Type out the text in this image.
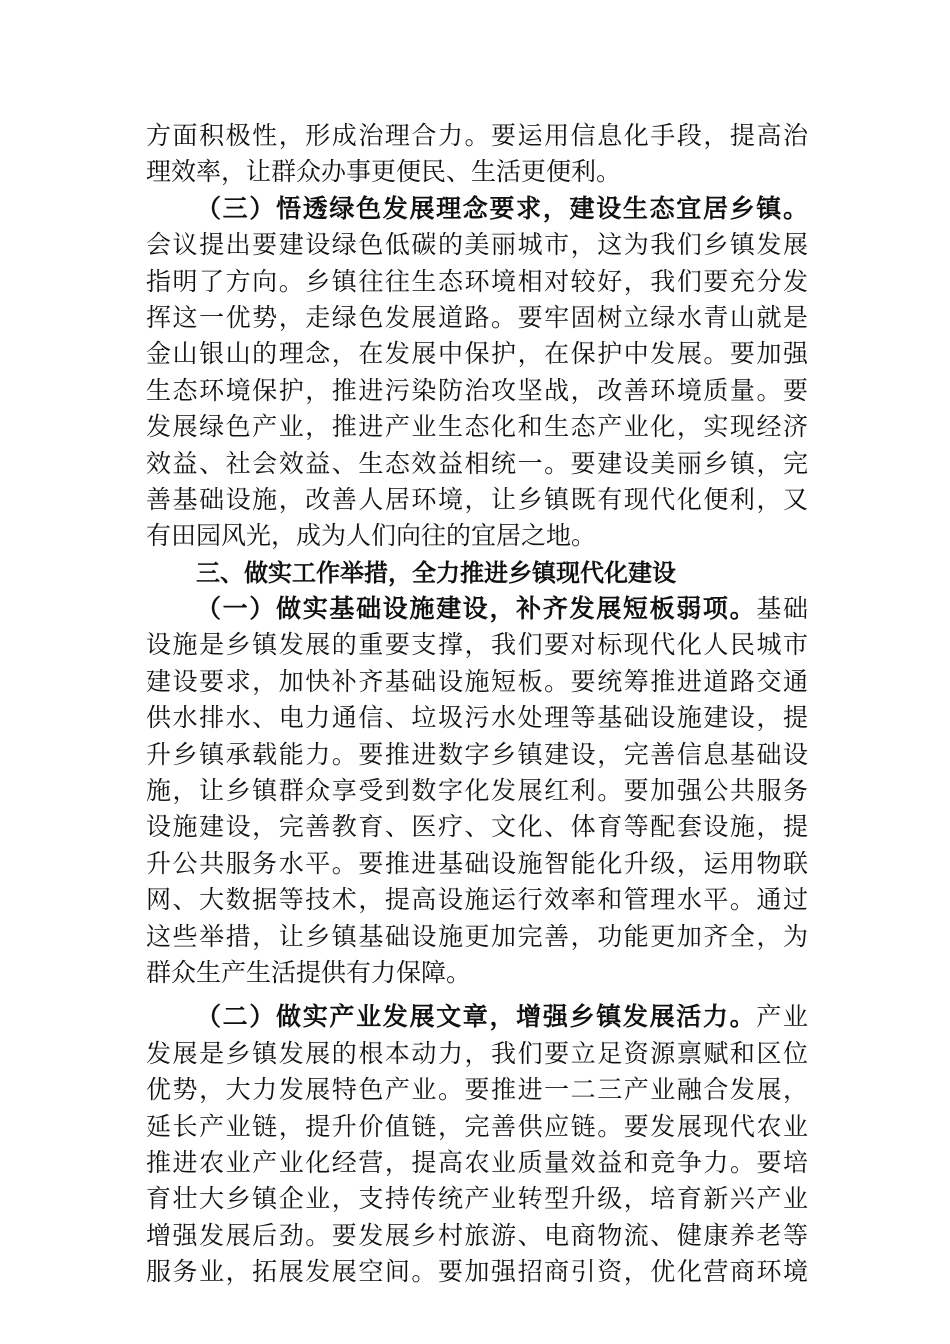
方面积极性，形成治理合力。要运用信息化手段，提高治
理效率，让群众办事更便民、生活更便利。
（三）悟透绿色发展理念要求，建设生态宜居乡镇。
会议提出要建设绿色低碳的美丽城市，这为我们乡镇发展
指明了方向。乡镇往往生态环境相对较好，我们要充分发
挥这一优势，走绿色发展道路。要牢固树立绿水青山就是
金山银山的理念，在发展中保护，在保护中发展。要加强
生态环境保护，推进污染防治攻坚战，改善环境质量。要
发展绿色产业，推进产业生态化和生态产业化，实现经济
效益、社会效益、生态效益相统一。要建设美丽乡镇，完
善基础设施，改善人居环境，让乡镇既有现代化便利，又
有田园风光，成为人们向往的宜居之地。
三、做实工作举措，全力推进乡镇现代化建设
（一）做实基础设施建设，补齐发展短板弱项。基础
设施是乡镇发展的重要支撑，我们要对标现代化人民城市
建设要求，加快补齐基础设施短板。要统筹推进道路交通
供水排水、电力通信、垃圾污水处理等基础设施建设，提
升乡镇承载能力。要推进数字乡镇建设，完善信息基础设
施，让乡镇群众享受到数字化发展红利。要加强公共服务
设施建设，完善教育、医疗、文化、体育等配套设施，提
升公共服务水平。要推进基础设施智能化升级，运用物联
网、大数据等技术，提高设施运行效率和管理水平。通过
这些举措，让乡镇基础设施更加完善，功能更加齐全，为
群众生产生活提供有力保障。
（二）做实产业发展文章，增强乡镇发展活力。产业
发展是乡镇发展的根本动力，我们要立足资源禀赋和区位
优势，大力发展特色产业。要推进一二三产业融合发展，
延长产业链，提升价值链，完善供应链。要发展现代农业
推进农业产业化经营，提高农业质量效益和竞争力。要培
育壮大乡镇企业，支持传统产业转型升级，培育新兴产业
增强发展后劲。要发展乡村旅游、电商物流、健康养老等
服务业，拓展发展空间。要加强招商引资，优化营商环境
